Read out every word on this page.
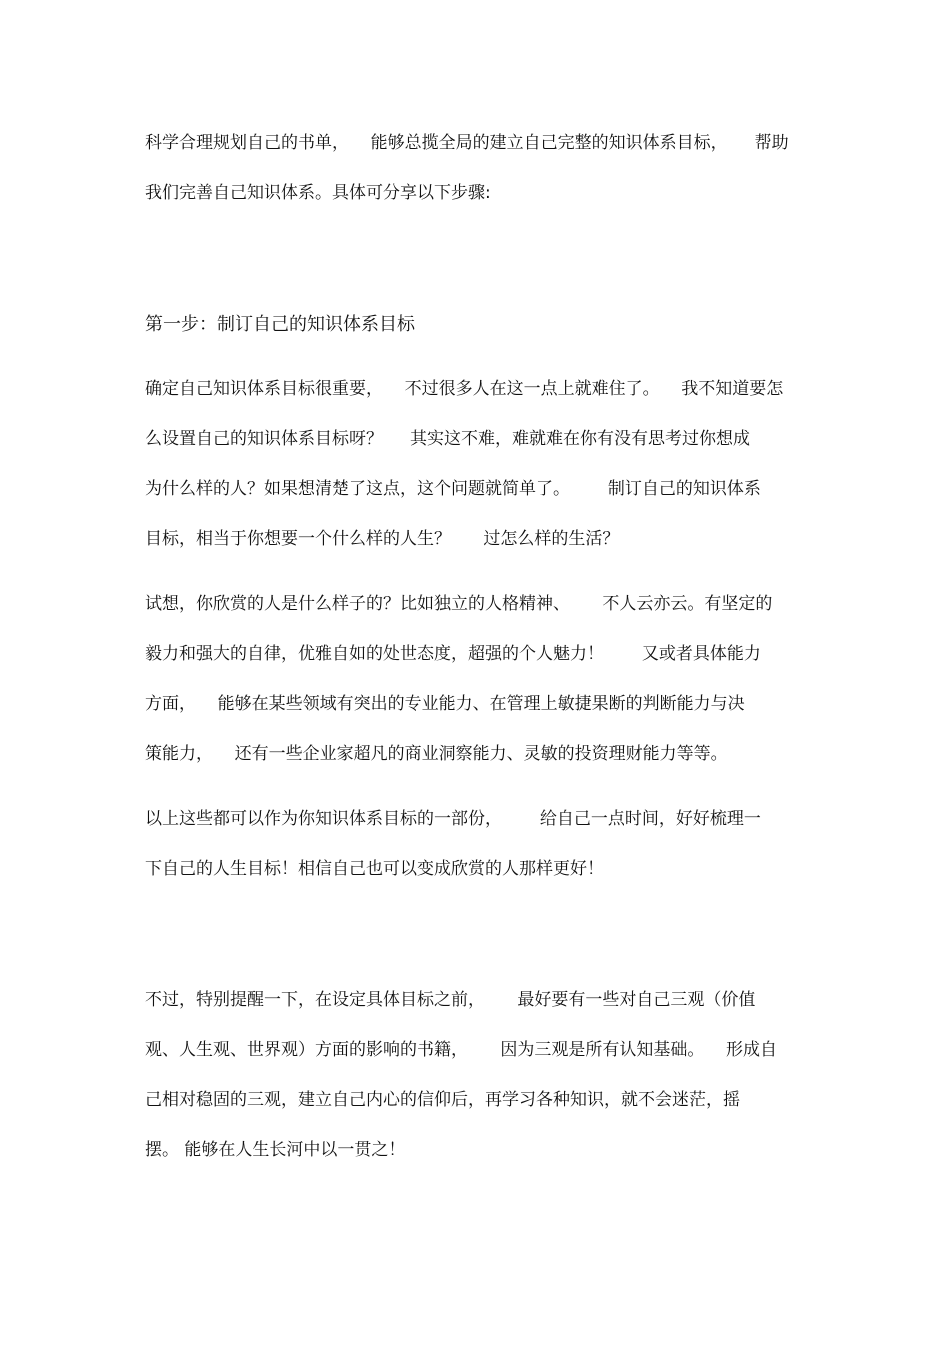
科学合理规划自己的书单，    能够总揽全局的建立自己完整的知识体系目标，     帮助

我们完善自己知识体系。具体可分享以下步骤:

第一步：制订自己的知识体系目标

确定自己知识体系目标很重要，    不过很多人在这一点上就难住了。    我不知道要怎

么设置自己的知识体系目标呀？     其实这不难，难就难在你有没有思考过你想成

为什么样的人？如果想清楚了这点，这个问题就简单了。       制订自己的知识体系

目标，相当于你想要一个什么样的人生？      过怎么样的生活？

试想，你欣赏的人是什么样子的？比如独立的人格精神、      不人云亦云。有坚定的

毅力和强大的自律，优雅自如的处世态度，超强的个人魅力！       又或者具体能力

方面，    能够在某些领域有突出的专业能力、在管理上敏捷果断的判断能力与决

策能力，    还有一些企业家超凡的商业洞察能力、灵敏的投资理财能力等等。

以上这些都可以作为你知识体系目标的一部份，       给自己一点时间，好好梳理一

下自己的人生目标！相信自己也可以变成欣赏的人那样更好！

不过，特别提醒一下，在设定具体目标之前，      最好要有一些对自己三观（价值

观、人生观、世界观）方面的影响的书籍，      因为三观是所有认知基础。    形成自

己相对稳固的三观，建立自己内心的信仰后，再学习各种知识，就不会迷茫，摇

摆。 能够在人生长河中以一贯之！
